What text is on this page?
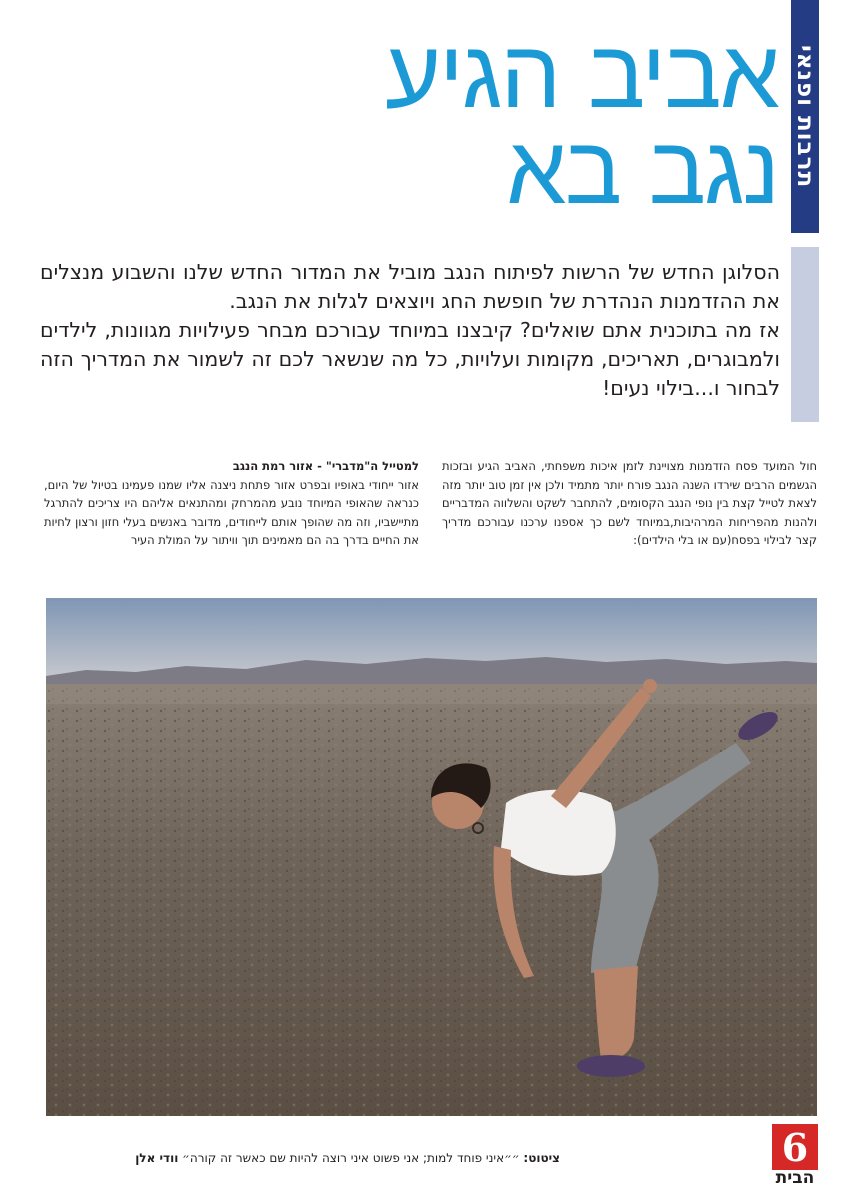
תרבות ופנאי
אביב הגיע
נגב בא

הסלוגן החדש של הרשות לפיתוח הנגב מוביל את המדור החדש שלנו והשבוע מנצלים את ההזדמנות הנהדרת של חופשת החג ויוצאים לגלות את הנגב.

אז מה בתוכנית אתם שואלים? קיבצנו במיוחד עבורכם מבחר פעילויות מגוונות, לילדים ולמבוגרים, תאריכים, מקומות ועלויות, כל מה שנשאר לכם זה לשמור את המדריך הזה לבחור ו...בילוי נעים!

חול המועד פסח הזדמנות מצויינת לזמן איכות משפחתי, האביב הגיע ובזכות הגשמים הרבים שירדו השנה הנגב פורח יותר מתמיד ולכן אין זמן טוב יותר מזה לצאת לטייל קצת בין נופי הנגב הקסומים, להתחבר לשקט והשלווה המדבריים ולהנות מהפריחות המרהיבות,במיוחד לשם כך אספנו ערכנו עבורכם מדריך קצר לבילוי בפסח(עם או בלי הילדים):

למטייל ה"מדברי" - אזור רמת הנגב

אזור ייחודי באופיו ובפרט אזור פתחת ניצנה אליו שמנו פעמינו בטיול של היום, כנראה שהאופי המיוחד נובע מהמרחק ומהתנאים אליהם היו צריכים להתרגל מתיישביו, וזה מה שהופך אותם לייחודים, מדובר באנשים בעלי חזון ורצון לחיות את החיים בדרך בה הם מאמינים תוך וויתור על המולת העיר

ציטוט: ״״איני פוחד למות; אני פשוט איני רוצה להיות שם כאשר זה קורה״ וודי אלן	6
הבית
